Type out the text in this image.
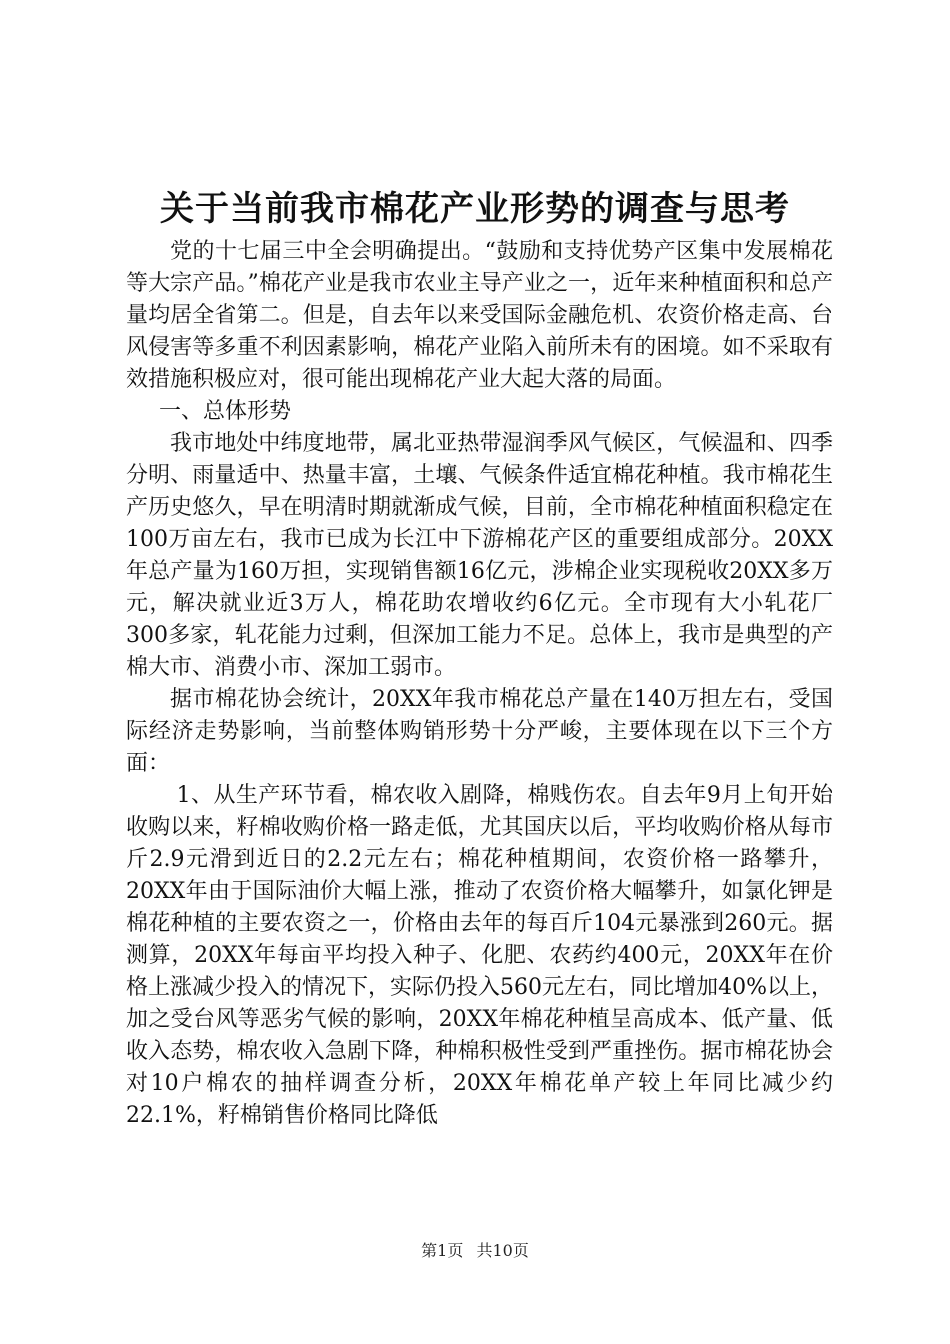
关于当前我市棉花产业形势的调查与思考

党的十七届三中全会明确提出。“鼓励和支持优势产区集中发展棉花等大宗产品。”棉花产业是我市农业主导产业之一，近年来种植面积和总产量均居全省第二。但是，自去年以来受国际金融危机、农资价格走高、台风侵害等多重不利因素影响，棉花产业陷入前所未有的困境。如不采取有效措施积极应对，很可能出现棉花产业大起大落的局面。

一、总体形势

我市地处中纬度地带，属北亚热带湿润季风气候区，气候温和、四季分明、雨量适中、热量丰富，土壤、气候条件适宜棉花种植。我市棉花生产历史悠久，早在明清时期就渐成气候，目前，全市棉花种植面积稳定在100万亩左右，我市已成为长江中下游棉花产区的重要组成部分。20XX年总产量为160万担，实现销售额16亿元，涉棉企业实现税收20XX多万元，解决就业近3万人，棉花助农增收约6亿元。全市现有大小轧花厂300多家，轧花能力过剩，但深加工能力不足。总体上，我市是典型的产棉大市、消费小市、深加工弱市。

据市棉花协会统计，20XX年我市棉花总产量在140万担左右，受国际经济走势影响，当前整体购销形势十分严峻，主要体现在以下三个方面：

1、从生产环节看，棉农收入剧降，棉贱伤农。自去年9月上旬开始收购以来，籽棉收购价格一路走低，尤其国庆以后，平均收购价格从每市斤2.9元滑到近日的2.2元左右；棉花种植期间，农资价格一路攀升，20XX年由于国际油价大幅上涨，推动了农资价格大幅攀升，如氯化钾是棉花种植的主要农资之一，价格由去年的每百斤104元暴涨到260元。据测算，20XX年每亩平均投入种子、化肥、农药约400元，20XX年在价格上涨减少投入的情况下，实际仍投入560元左右，同比增加40%以上，加之受台风等恶劣气候的影响，20XX年棉花种植呈高成本、低产量、低收入态势，棉农收入急剧下降，种棉积极性受到严重挫伤。据市棉花协会对10户棉农的抽样调查分析，20XX年棉花单产较上年同比减少约22.1%，籽棉销售价格同比降低

第1页 共10页
